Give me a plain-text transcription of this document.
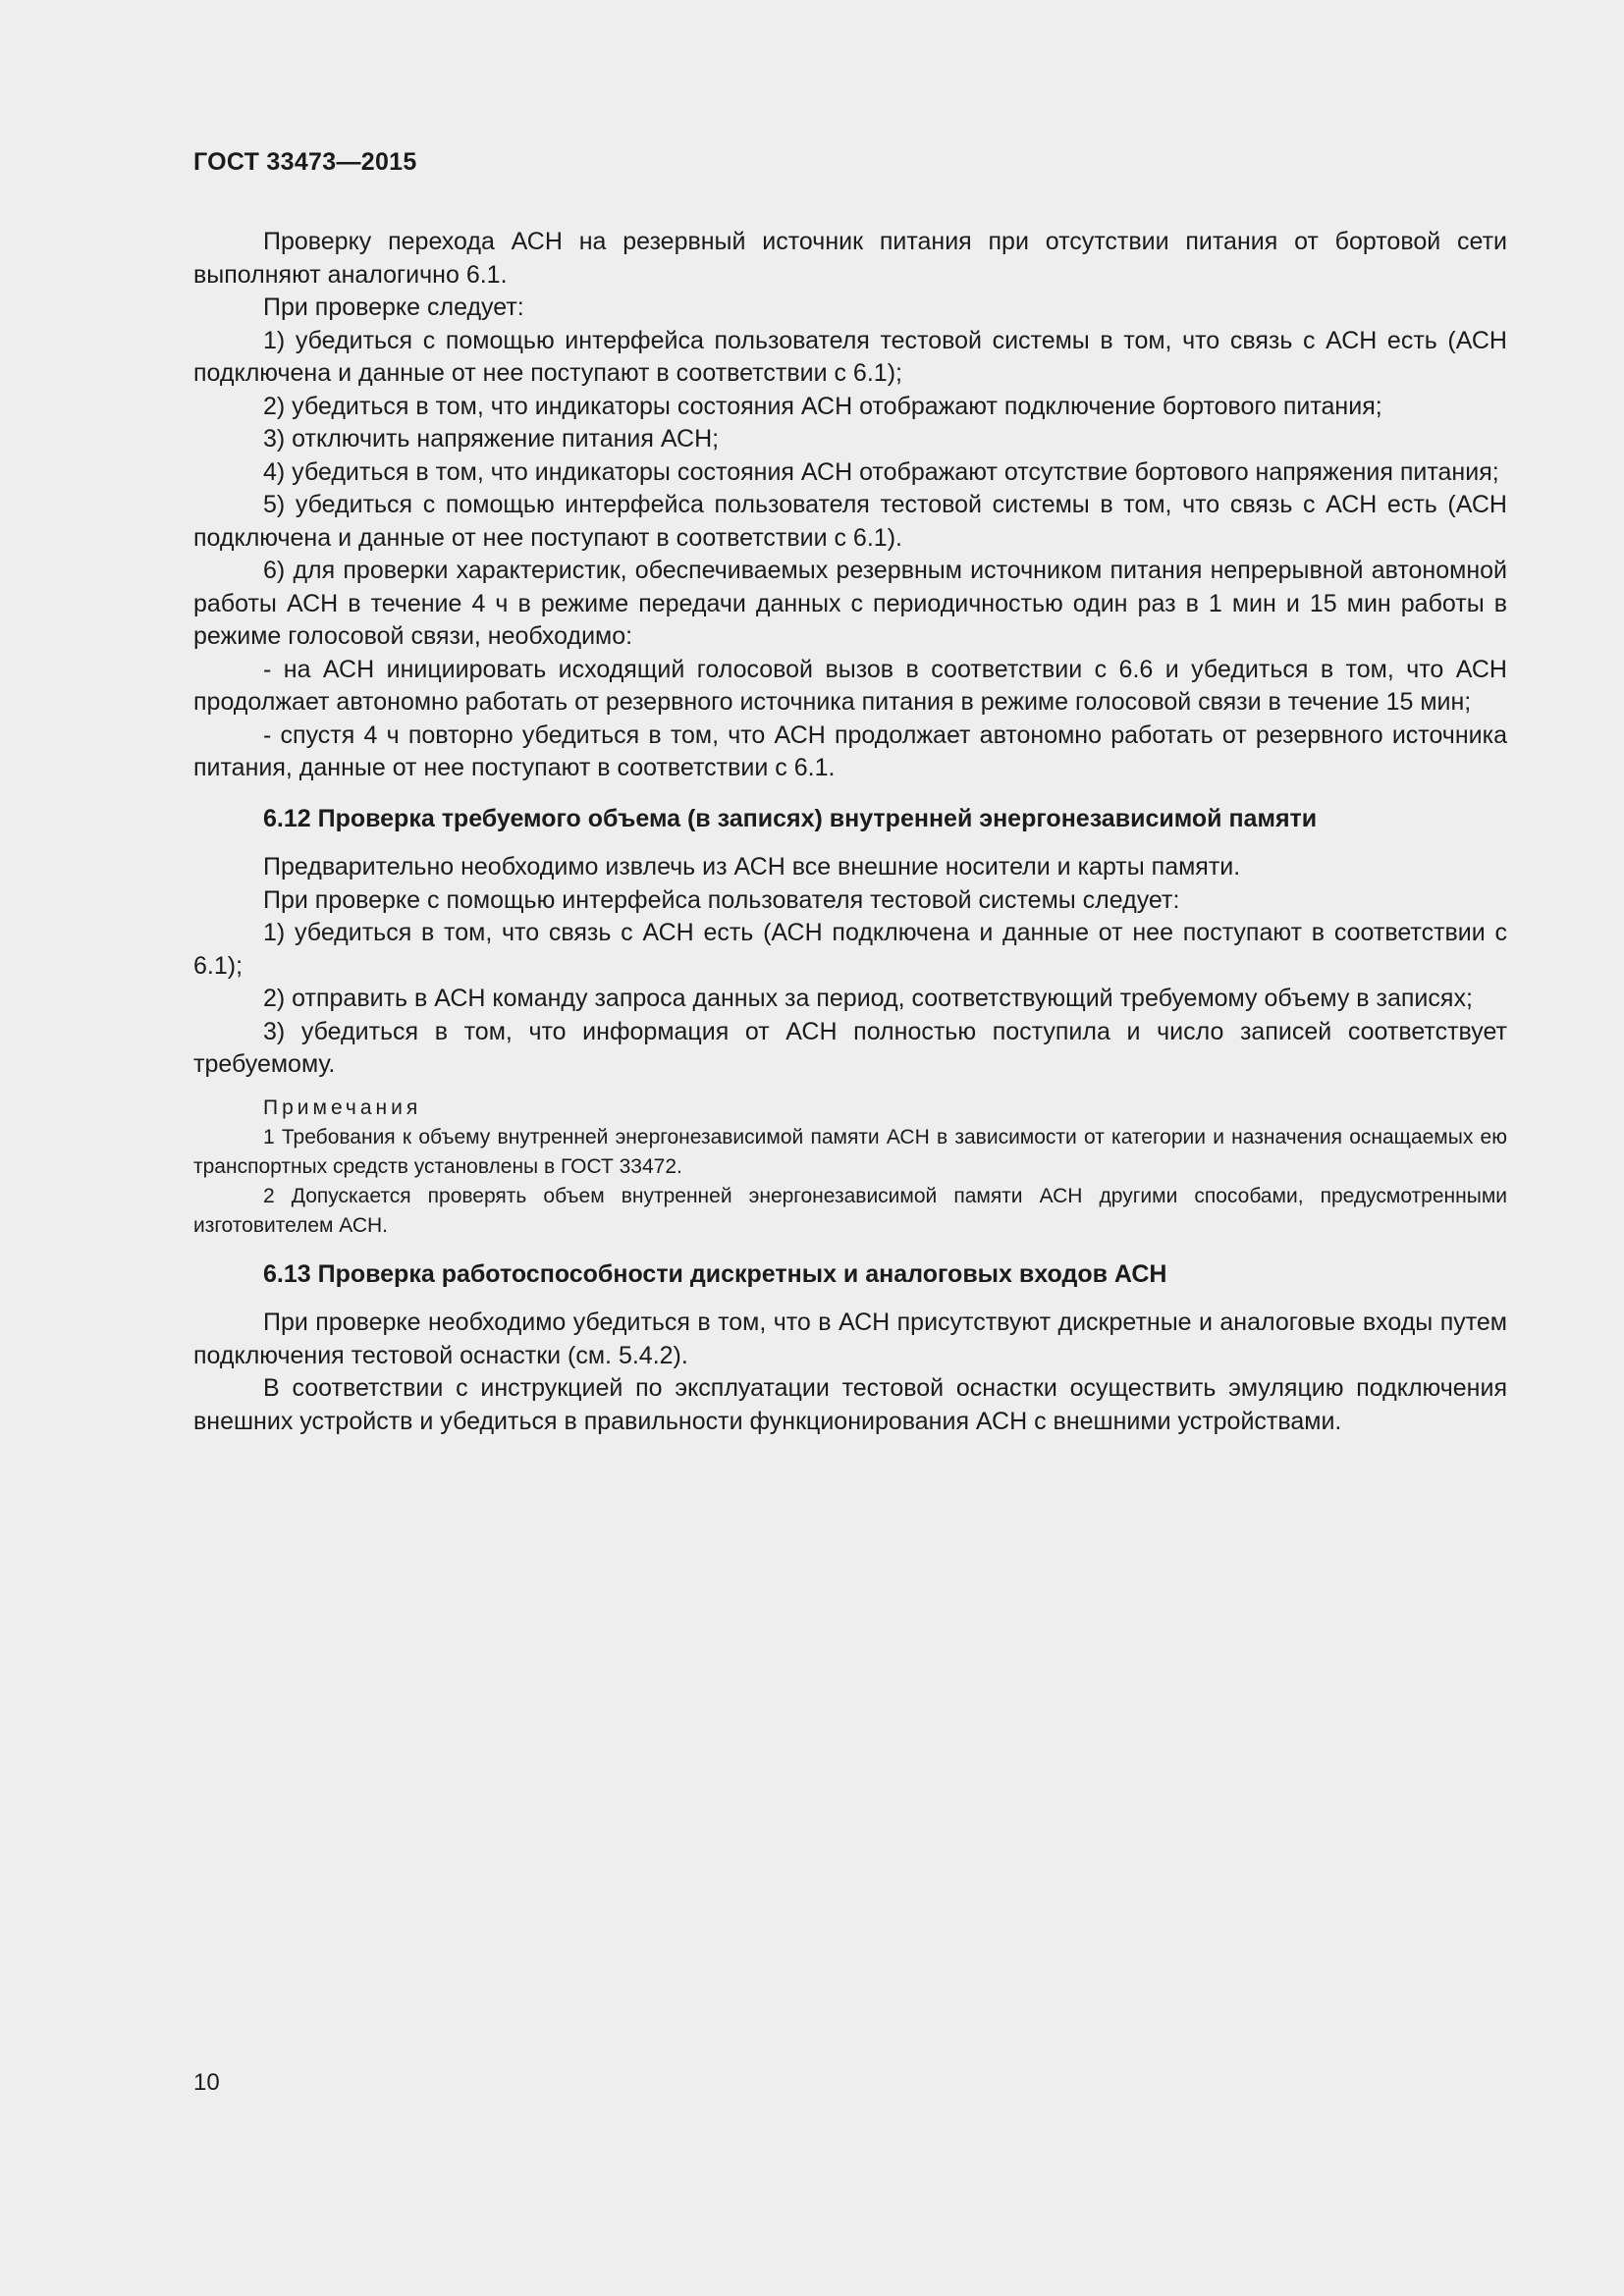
ГОСТ 33473—2015

Проверку перехода АСН на резервный источник питания при отсутствии питания от бортовой сети выполняют аналогично 6.1.

При проверке следует:

1) убедиться с помощью интерфейса пользователя тестовой системы в том, что связь с АСН есть (АСН подключена и данные от нее поступают в соответствии с 6.1);

2) убедиться в том, что индикаторы состояния АСН отображают подключение бортового питания;

3) отключить напряжение питания АСН;

4) убедиться в том, что индикаторы состояния АСН отображают отсутствие бортового напряжения питания;

5) убедиться с помощью интерфейса пользователя тестовой системы в том, что связь с АСН есть (АСН подключена и данные от нее поступают в соответствии с 6.1).

6) для проверки характеристик, обеспечиваемых резервным источником питания непрерывной автономной работы АСН в течение 4 ч в режиме передачи данных с периодичностью один раз в 1 мин и 15 мин работы в режиме голосовой связи, необходимо:

- на АСН инициировать исходящий голосовой вызов в соответствии с 6.6 и убедиться в том, что АСН продолжает автономно работать от резервного источника питания в режиме голосовой связи в течение 15 мин;

- спустя 4 ч повторно убедиться в том, что АСН продолжает автономно работать от резервного источника питания, данные от нее поступают в соответствии с 6.1.

6.12 Проверка требуемого объема (в записях) внутренней энергонезависимой памяти

Предварительно необходимо извлечь из АСН все внешние носители и карты памяти.

При проверке с помощью интерфейса пользователя тестовой системы следует:

1) убедиться в том, что связь с АСН есть (АСН подключена и данные от нее поступают в соответствии с 6.1);

2) отправить в АСН команду запроса данных за период, соответствующий требуемому объему в записях;

3) убедиться в том, что информация от АСН полностью поступила и число записей соответствует требуемому.

Примечания

1 Требования к объему внутренней энергонезависимой памяти АСН в зависимости от категории и назначения оснащаемых ею транспортных средств установлены в ГОСТ 33472.

2 Допускается проверять объем внутренней энергонезависимой памяти АСН другими способами, предусмотренными изготовителем АСН.

6.13 Проверка работоспособности дискретных и аналоговых входов АСН

При проверке необходимо убедиться в том, что в АСН присутствуют дискретные и аналоговые входы путем подключения тестовой оснастки (см. 5.4.2).

В соответствии с инструкцией по эксплуатации тестовой оснастки осуществить эмуляцию подключения внешних устройств и убедиться в правильности функционирования АСН с внешними устройствами.

10
